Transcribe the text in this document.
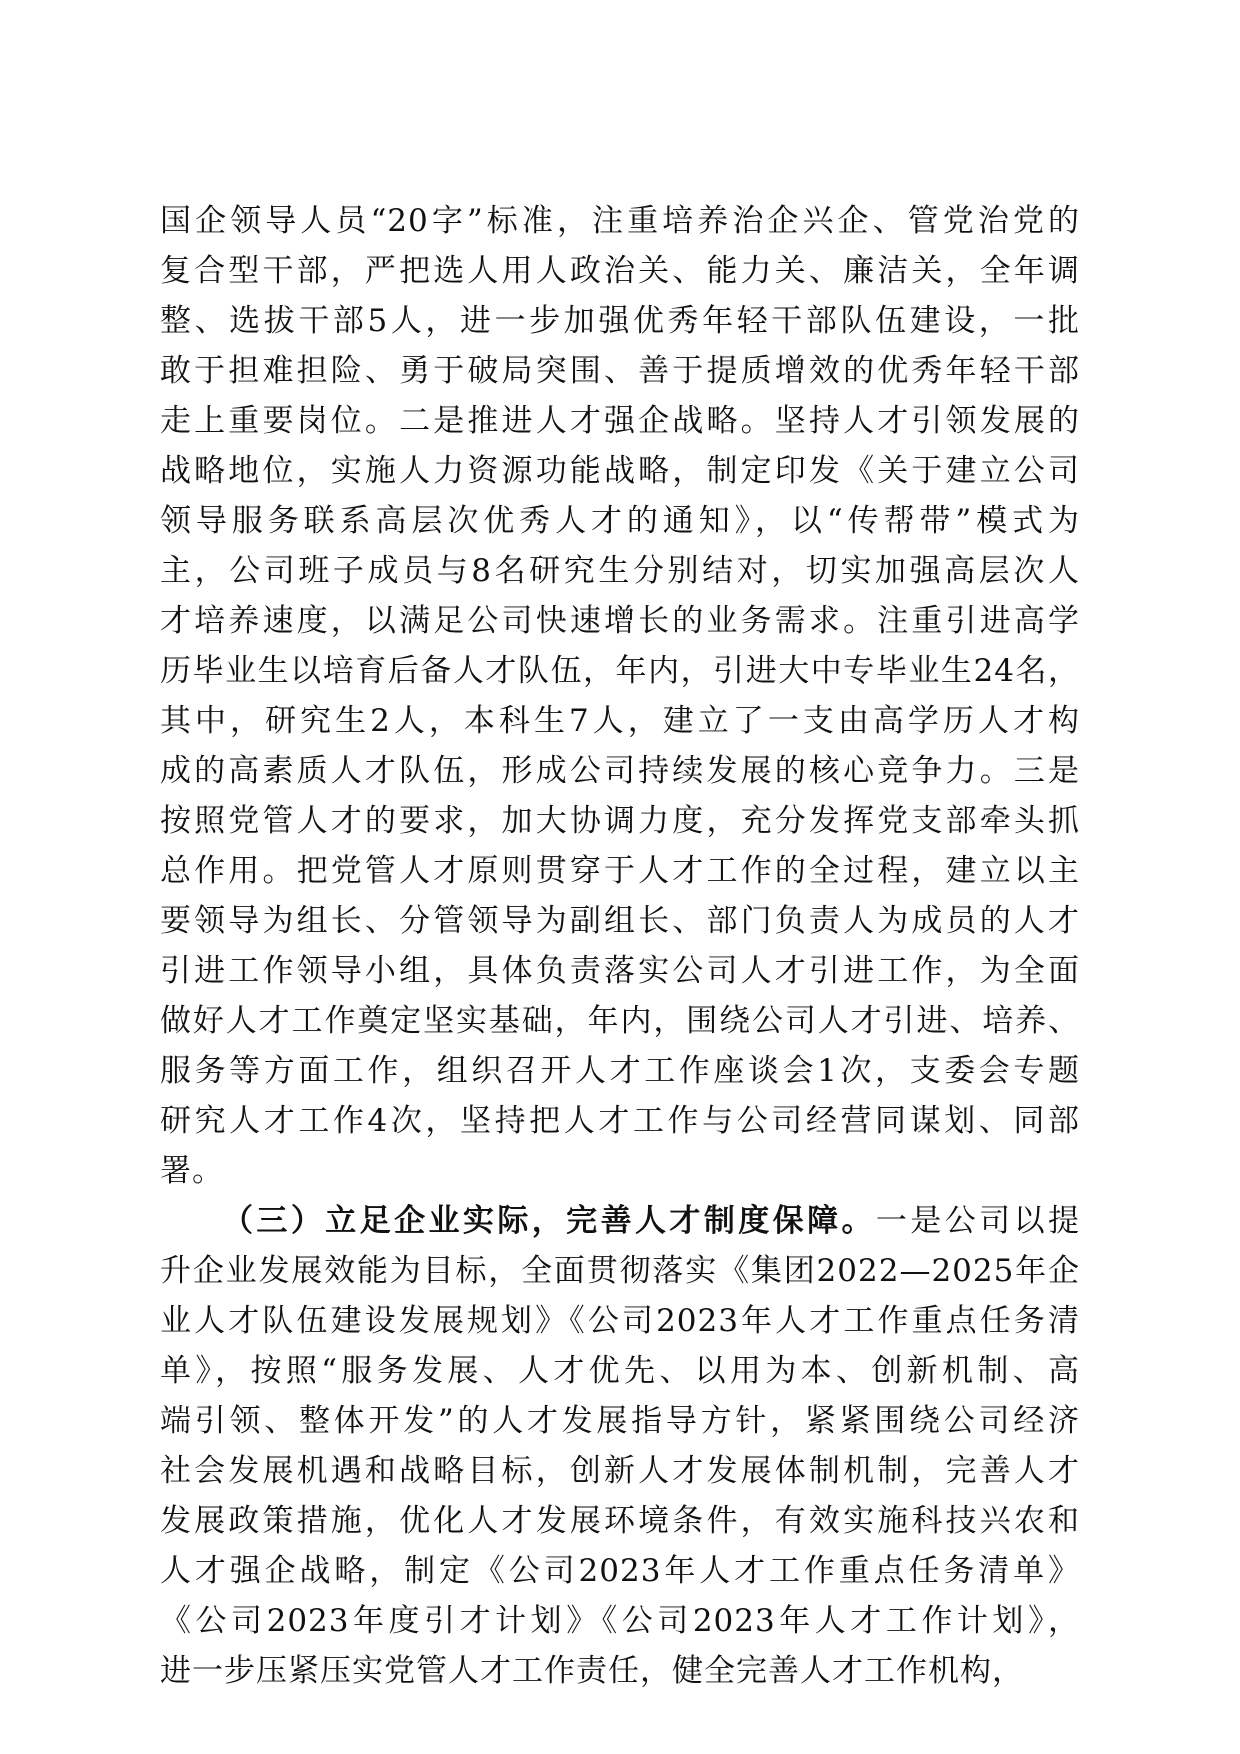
国企领导人员“20字”标准，注重培养治企兴企、管党治党的
复合型干部，严把选人用人政治关、能力关、廉洁关，全年调
整、选拔干部5人，进一步加强优秀年轻干部队伍建设，一批
敢于担难担险、勇于破局突围、善于提质增效的优秀年轻干部
走上重要岗位。二是推进人才强企战略。坚持人才引领发展的
战略地位，实施人力资源功能战略，制定印发《关于建立公司
领导服务联系高层次优秀人才的通知》，以“传帮带”模式为
主，公司班子成员与8名研究生分别结对，切实加强高层次人
才培养速度，以满足公司快速增长的业务需求。注重引进高学
历毕业生以培育后备人才队伍，年内，引进大中专毕业生24名，
其中，研究生2人，本科生7人，建立了一支由高学历人才构
成的高素质人才队伍，形成公司持续发展的核心竞争力。三是
按照党管人才的要求，加大协调力度，充分发挥党支部牵头抓
总作用。把党管人才原则贯穿于人才工作的全过程，建立以主
要领导为组长、分管领导为副组长、部门负责人为成员的人才
引进工作领导小组，具体负责落实公司人才引进工作，为全面
做好人才工作奠定坚实基础，年内，围绕公司人才引进、培养、
服务等方面工作，组织召开人才工作座谈会1次，支委会专题
研究人才工作4次，坚持把人才工作与公司经营同谋划、同部
署。
（三）立足企业实际，完善人才制度保障。一是公司以提
升企业发展效能为目标，全面贯彻落实《集团2022—2025年企
业人才队伍建设发展规划》《公司2023年人才工作重点任务清
单》，按照“服务发展、人才优先、以用为本、创新机制、高
端引领、整体开发”的人才发展指导方针，紧紧围绕公司经济
社会发展机遇和战略目标，创新人才发展体制机制，完善人才
发展政策措施，优化人才发展环境条件，有效实施科技兴农和
人才强企战略，制定《公司2023年人才工作重点任务清单》
《公司2023年度引才计划》《公司2023年人才工作计划》，
进一步压紧压实党管人才工作责任，健全完善人才工作机构，
